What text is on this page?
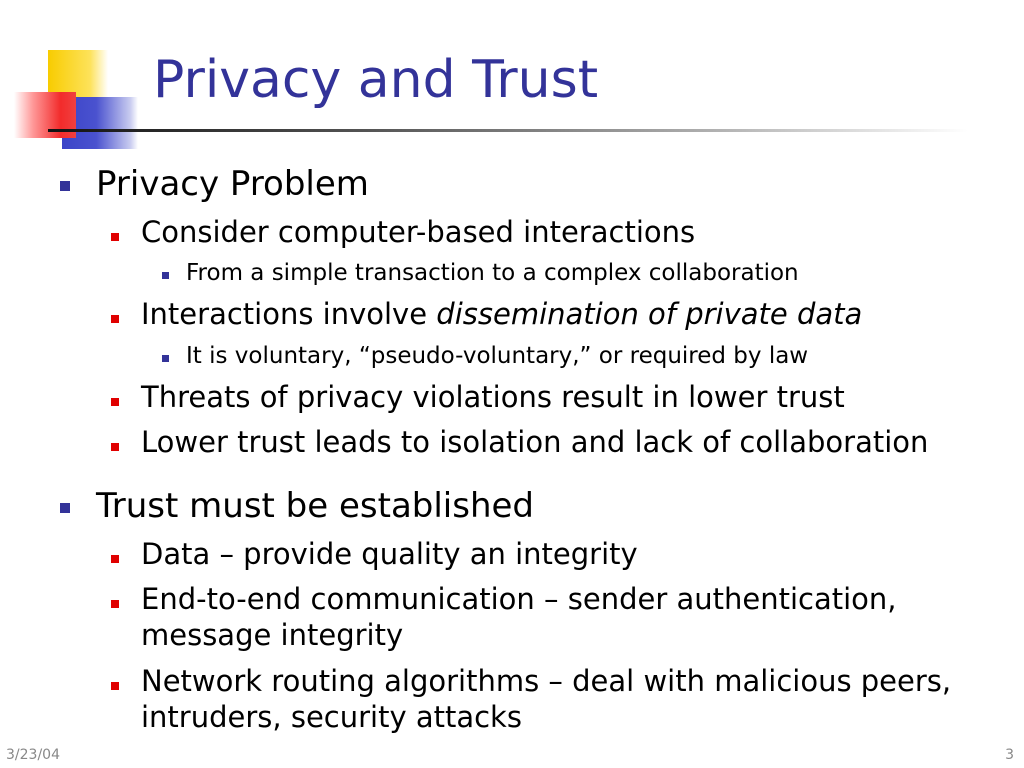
Privacy and Trust
Privacy Problem
Consider computer-based interactions
From a simple transaction to a complex collaboration
Interactions involve dissemination of private data
It is voluntary, “pseudo-voluntary,” or required by law
Threats of privacy violations result in lower trust
Lower trust leads to isolation and lack of collaboration
Trust must be established
Data – provide quality an integrity
End-to-end communication – sender authentication,
message integrity
Network routing algorithms – deal with malicious peers,
intruders, security attacks
3/23/04	3
